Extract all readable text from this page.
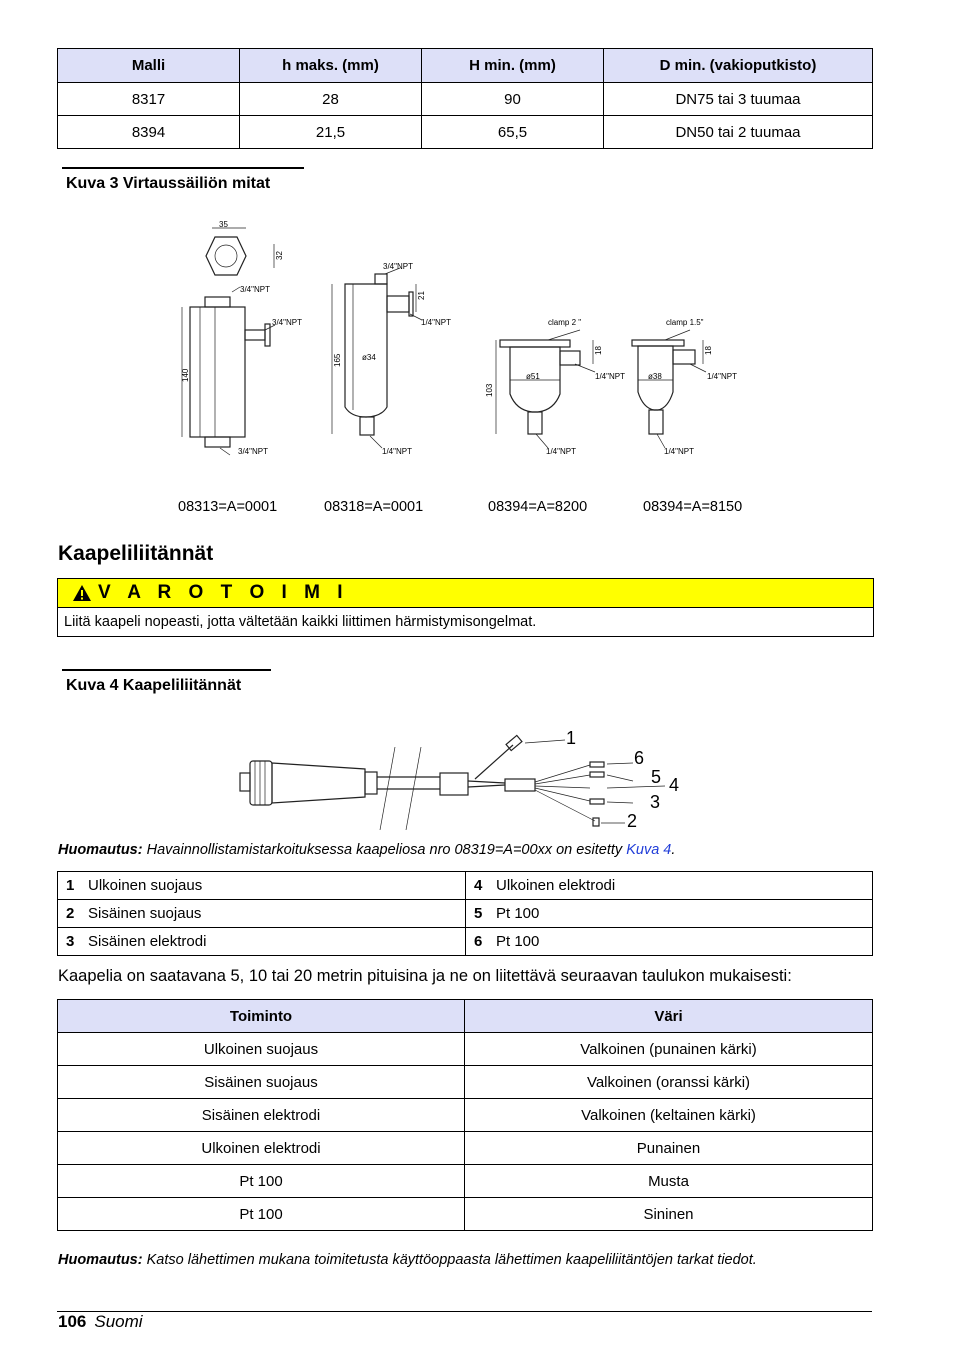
Malli	h maks. (mm)	H min. (mm)	D min. (vakioputkisto)
8317	28	90	DN75 tai 3 tuumaa
8394	21,5	65,5	DN50 tai 2 tuumaa
Kuva 3 Virtaussäiliön mitat
35
32
3/4"NPT
3/4"NPT
140
3/4"NPT
3/4"NPT
21
1/4"NPT
165	ø34
1/4"NPT
clamp 2 "
18
ø51	1/4"NPT
103
1/4"NPT
clamp 1.5"
18
ø38	1/4"NPT
1/4"NPT
08313=A=0001	08318=A=0001	08394=A=8200	08394=A=8150
Kaapeliliitännät
V A R O T O I M I
Liitä kaapeli nopeasti, jotta vältetään kaikki liittimen härmistymisongelmat.
Kuva 4 Kaapeliliitännät
1
6
5 4
3
2
Huomautus: Havainnollistamistarkoituksessa kaapeliosa nro 08319=A=00xx on esitetty Kuva 4.
1 Ulkoinen suojaus	4 Ulkoinen elektrodi
2 Sisäinen suojaus	5 Pt 100
3 Sisäinen elektrodi	6 Pt 100
Kaapelia on saatavana 5, 10 tai 20 metrin pituisina ja ne on liitettävä seuraavan taulukon mukaisesti:
Toiminto	Väri
Ulkoinen suojaus	Valkoinen (punainen kärki)
Sisäinen suojaus	Valkoinen (oranssi kärki)
Sisäinen elektrodi	Valkoinen (keltainen kärki)
Ulkoinen elektrodi	Punainen
Pt 100	Musta
Pt 100	Sininen
Huomautus: Katso lähettimen mukana toimitetusta käyttöoppaasta lähettimen kaapeliliitäntöjen tarkat tiedot.
106 Suomi
